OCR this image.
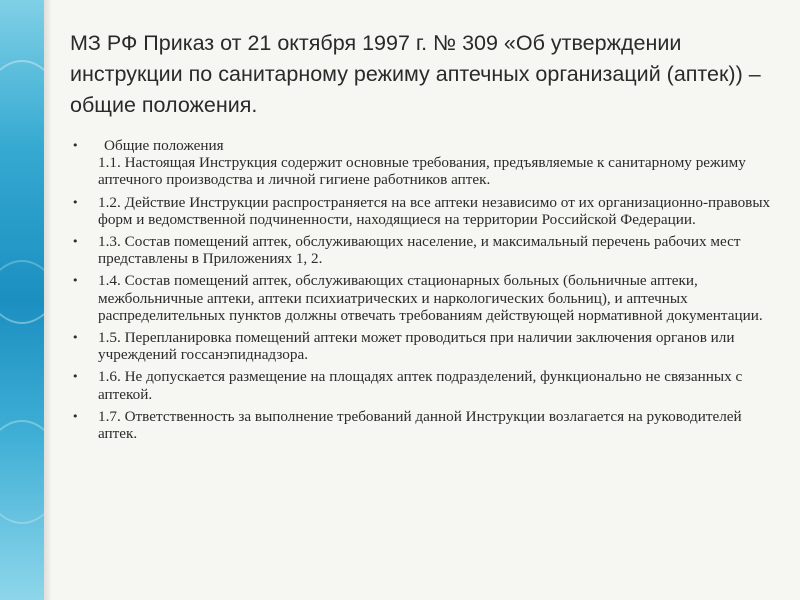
МЗ РФ Приказ от 21 октября 1997 г. № 309 «Об утверждении инструкции по санитарному режиму аптечных организаций (аптек)) – общие положения.
•	Общие положения
1.1. Настоящая Инструкция содержит основные требования, предъявляемые к санитарному режиму аптечного производства и личной гигиене работников аптек.
• 1.2. Действие Инструкции распространяется на все аптеки независимо от их организационно-правовых форм и ведомственной подчиненности, находящиеся на территории Российской Федерации.
• 1.3. Состав помещений аптек, обслуживающих население, и максимальный перечень рабочих мест представлены в Приложениях 1, 2.
• 1.4. Состав помещений аптек, обслуживающих стационарных больных (больничные аптеки, межбольничные аптеки, аптеки психиатрических и наркологических больниц), и аптечных распределительных пунктов должны отвечать требованиям действующей нормативной документации.
• 1.5. Перепланировка помещений аптеки может проводиться при наличии заключения органов или учреждений госсанэпиднадзора.
• 1.6. Не допускается размещение на площадях аптек подразделений, функционально не связанных с аптекой.
• 1.7. Ответственность за выполнение требований данной Инструкции возлагается на руководителей аптек.
